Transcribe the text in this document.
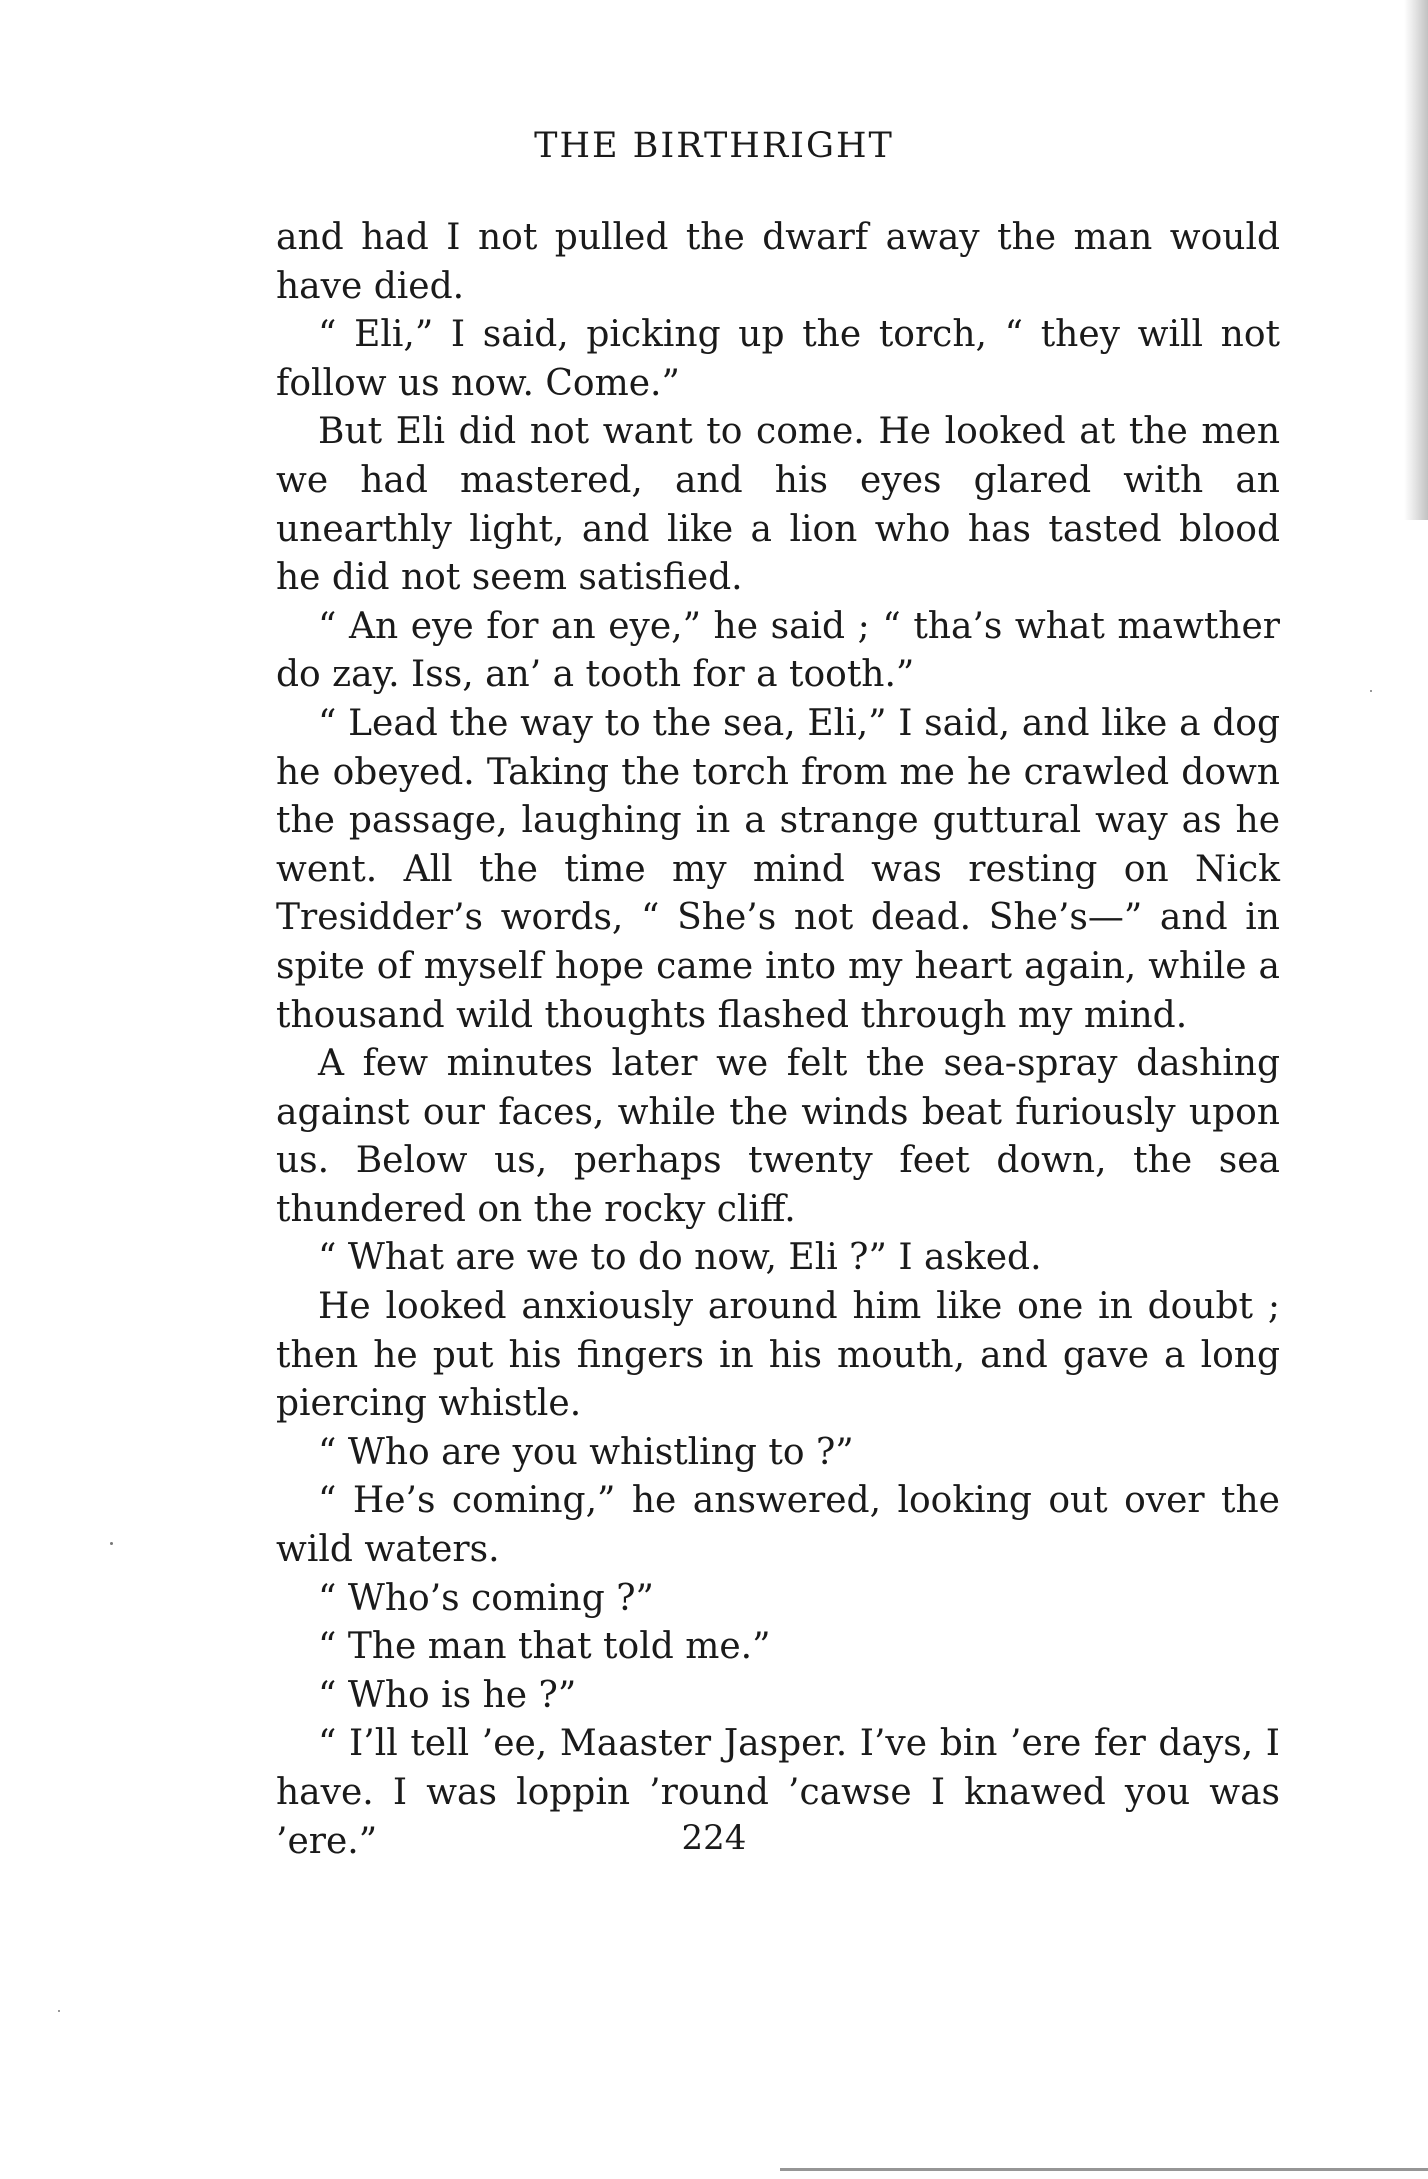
THE BIRTHRIGHT

and had I not pulled the dwarf away the man would have died.

“ Eli,” I said, picking up the torch, “ they will not follow us now. Come.”

But Eli did not want to come. He looked at the men we had mastered, and his eyes glared with an unearthly light, and like a lion who has tasted blood he did not seem satisfied.

“ An eye for an eye,” he said ; “ tha’s what mawther do zay. Iss, an’ a tooth for a tooth.”

“ Lead the way to the sea, Eli,” I said, and like a dog he obeyed. Taking the torch from me he crawled down the passage, laughing in a strange guttural way as he went. All the time my mind was resting on Nick Tresidder’s words, “ She’s not dead. She’s—” and in spite of myself hope came into my heart again, while a thousand wild thoughts flashed through my mind.

A few minutes later we felt the sea-spray dashing against our faces, while the winds beat furiously upon us. Below us, perhaps twenty feet down, the sea thundered on the rocky cliff.

“ What are we to do now, Eli ?” I asked.

He looked anxiously around him like one in doubt ; then he put his fingers in his mouth, and gave a long piercing whistle.

“ Who are you whistling to ?”

“ He’s coming,” he answered, looking out over the wild waters.

“ Who’s coming ?”

“ The man that told me.”

“ Who is he ?”

“ I’ll tell ’ee, Maaster Jasper. I’ve bin ’ere fer days, I have. I was loppin ’round ’cawse I knawed you was ’ere.”	224
